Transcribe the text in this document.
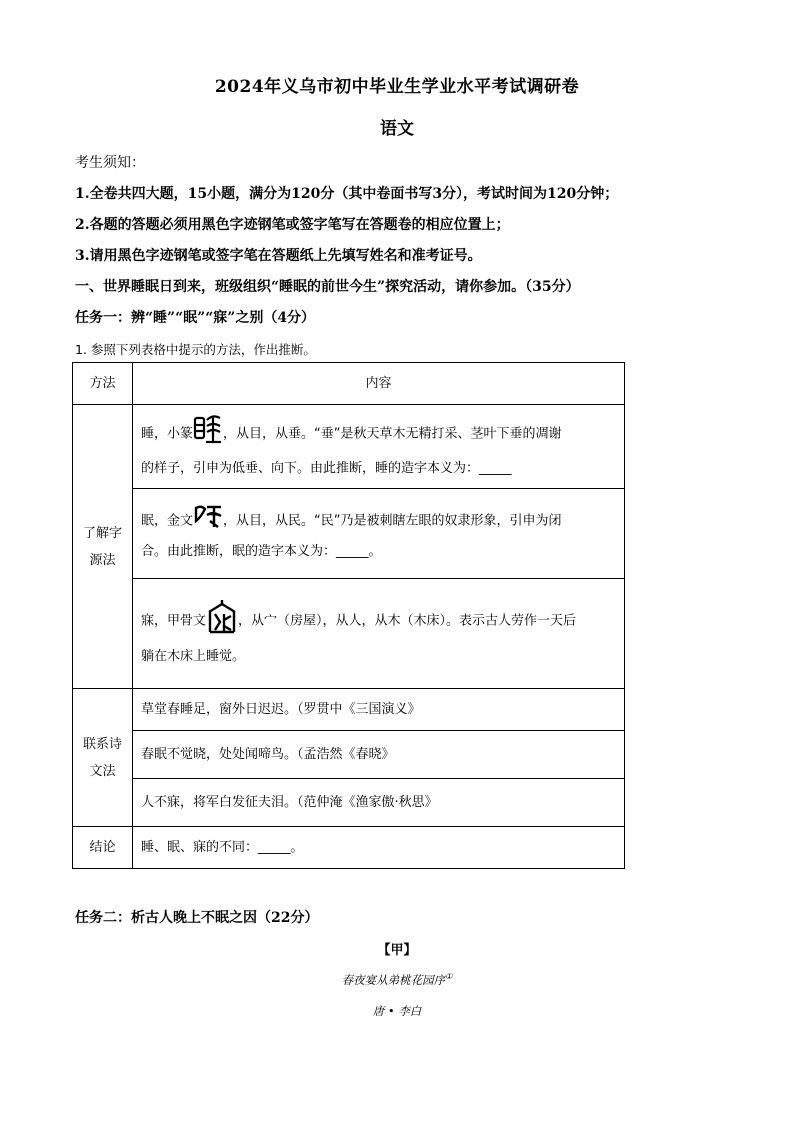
2024年义乌市初中毕业生学业水平考试调研卷
语文
考生须知：
1.全卷共四大题，15小题，满分为120分（其中卷面书写3分），考试时间为120分钟；
2.各题的答题必须用黑色字迹钢笔或签字笔写在答题卷的相应位置上；
3.请用黑色字迹钢笔或签字笔在答题纸上先填写姓名和准考证号。
一、世界睡眠日到来，班级组织“睡眠的前世今生”探究活动，请你参加。（35分）
任务一：辨“睡”“眠”“寐”之别（4分）
1. 参照下列表格中提示的方法，作出推断。
方法	内容
了解字源法	睡，小篆 ，从目，从垂。“垂”是秋天草木无精打采、茎叶下垂的凋谢
的样子，引申为低垂、向下。由此推断，睡的造字本义为：_____
	眠，金文 ，从目，从民。“民”乃是被刺瞎左眼的奴隶形象，引申为闭
合。由此推断，眠的造字本义为：_____。
	寐，甲骨文 ，从宀（房屋），从人，从木（木床）。表示古人劳作一天后
躺在木床上睡觉。
联系诗文法	草堂春睡足，窗外日迟迟。（罗贯中《三国演义》
	春眠不觉晓，处处闻啼鸟。（孟浩然《春晓》
	人不寐，将军白发征夫泪。（范仲淹《渔家傲·秋思》
结论	睡、眠、寐的不同：_____。
任务二：析古人晚上不眠之因（22分）
【甲】
春夜宴从弟桃花园序①
唐 • 李白
